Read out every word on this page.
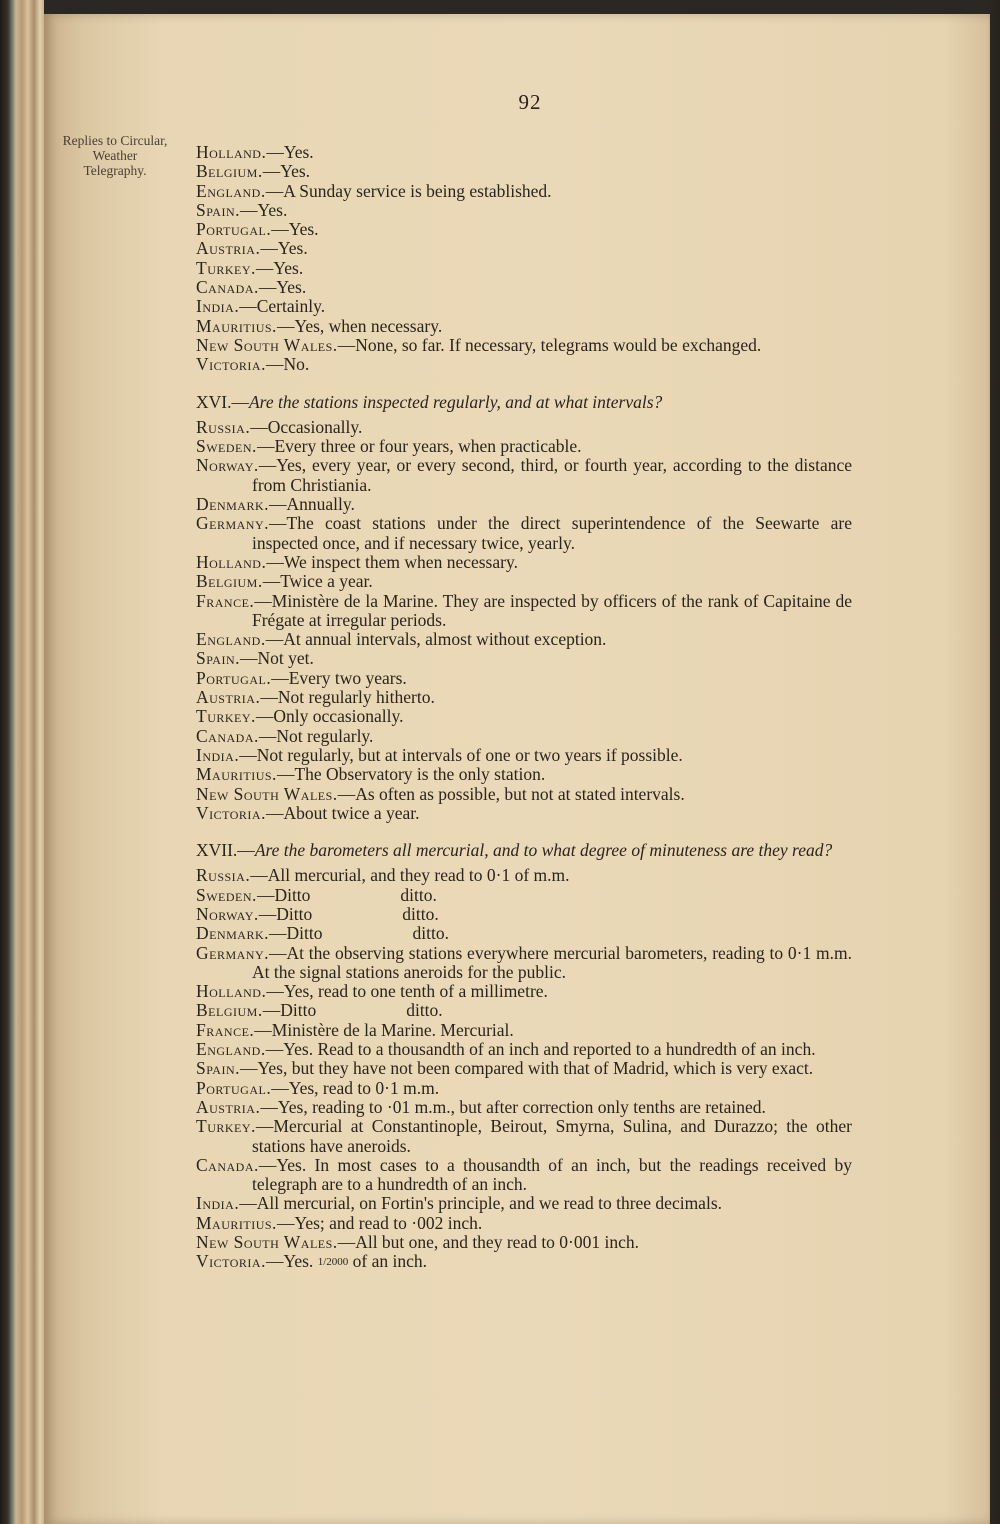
92
Replies to Circular, Weather Telegraphy.

Holland.—Yes.

Belgium.—Yes.

England.—A Sunday service is being established.

Spain.—Yes.

Portugal.—Yes.

Austria.—Yes.

Turkey.—Yes.

Canada.—Yes.

India.—Certainly.

Mauritius.—Yes, when necessary.

New South Wales.—None, so far. If necessary, telegrams would be exchanged.

Victoria.—No.

XVI.—Are the stations inspected regularly, and at what intervals?

Russia.—Occasionally.

Sweden.—Every three or four years, when practicable.

Norway.—Yes, every year, or every second, third, or fourth year, according to the distance from Christiania.

Denmark.—Annually.

Germany.—The coast stations under the direct superintendence of the Seewarte are inspected once, and if necessary twice, yearly.

Holland.—We inspect them when necessary.

Belgium.—Twice a year.

France.—Ministère de la Marine. They are inspected by officers of the rank of Capitaine de Frégate at irregular periods.

England.—At annual intervals, almost without exception.

Spain.—Not yet.

Portugal.—Every two years.

Austria.—Not regularly hitherto.

Turkey.—Only occasionally.

Canada.—Not regularly.

India.—Not regularly, but at intervals of one or two years if possible.

Mauritius.—The Observatory is the only station.

New South Wales.—As often as possible, but not at stated intervals.

Victoria.—About twice a year.

XVII.—Are the barometers all mercurial, and to what degree of minuteness are they read?

Russia.—All mercurial, and they read to 0·1 of m.m.

Sweden.—Ditto	ditto.

Norway.—Ditto	ditto.

Denmark.—Ditto	ditto.

Germany.—At the observing stations everywhere mercurial barometers, reading to 0·1 m.m. At the signal stations aneroids for the public.

Holland.—Yes, read to one tenth of a millimetre.

Belgium.—Ditto	ditto.

France.—Ministère de la Marine. Mercurial.

England.—Yes. Read to a thousandth of an inch and reported to a hundredth of an inch.

Spain.—Yes, but they have not been compared with that of Madrid, which is very exact.

Portugal.—Yes, read to 0·1 m.m.

Austria.—Yes, reading to ·01 m.m., but after correction only tenths are retained.

Turkey.—Mercurial at Constantinople, Beirout, Smyrna, Sulina, and Durazzo; the other stations have aneroids.

Canada.—Yes. In most cases to a thousandth of an inch, but the readings received by telegraph are to a hundredth of an inch.

India.—All mercurial, on Fortin's principle, and we read to three decimals.

Mauritius.—Yes; and read to ·002 inch.

New South Wales.—All but one, and they read to 0·001 inch.

Victoria.—Yes. 1/2000 of an inch.
